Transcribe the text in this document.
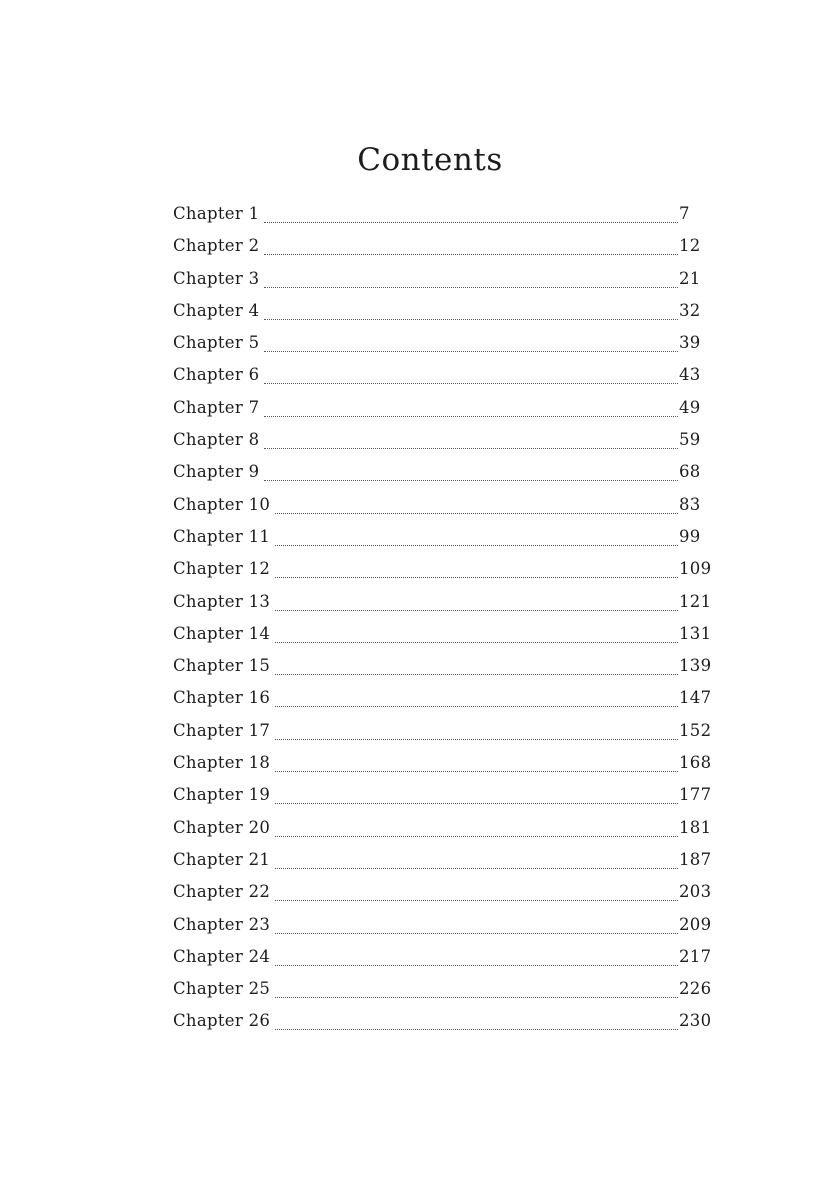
Contents
Chapter 1	7
Chapter 2	12
Chapter 3	21
Chapter 4	32
Chapter 5	39
Chapter 6	43
Chapter 7	49
Chapter 8	59
Chapter 9	68
Chapter 10	83
Chapter 11	99
Chapter 12	109
Chapter 13	121
Chapter 14	131
Chapter 15	139
Chapter 16	147
Chapter 17	152
Chapter 18	168
Chapter 19	177
Chapter 20	181
Chapter 21	187
Chapter 22	203
Chapter 23	209
Chapter 24	217
Chapter 25	226
Chapter 26	230
